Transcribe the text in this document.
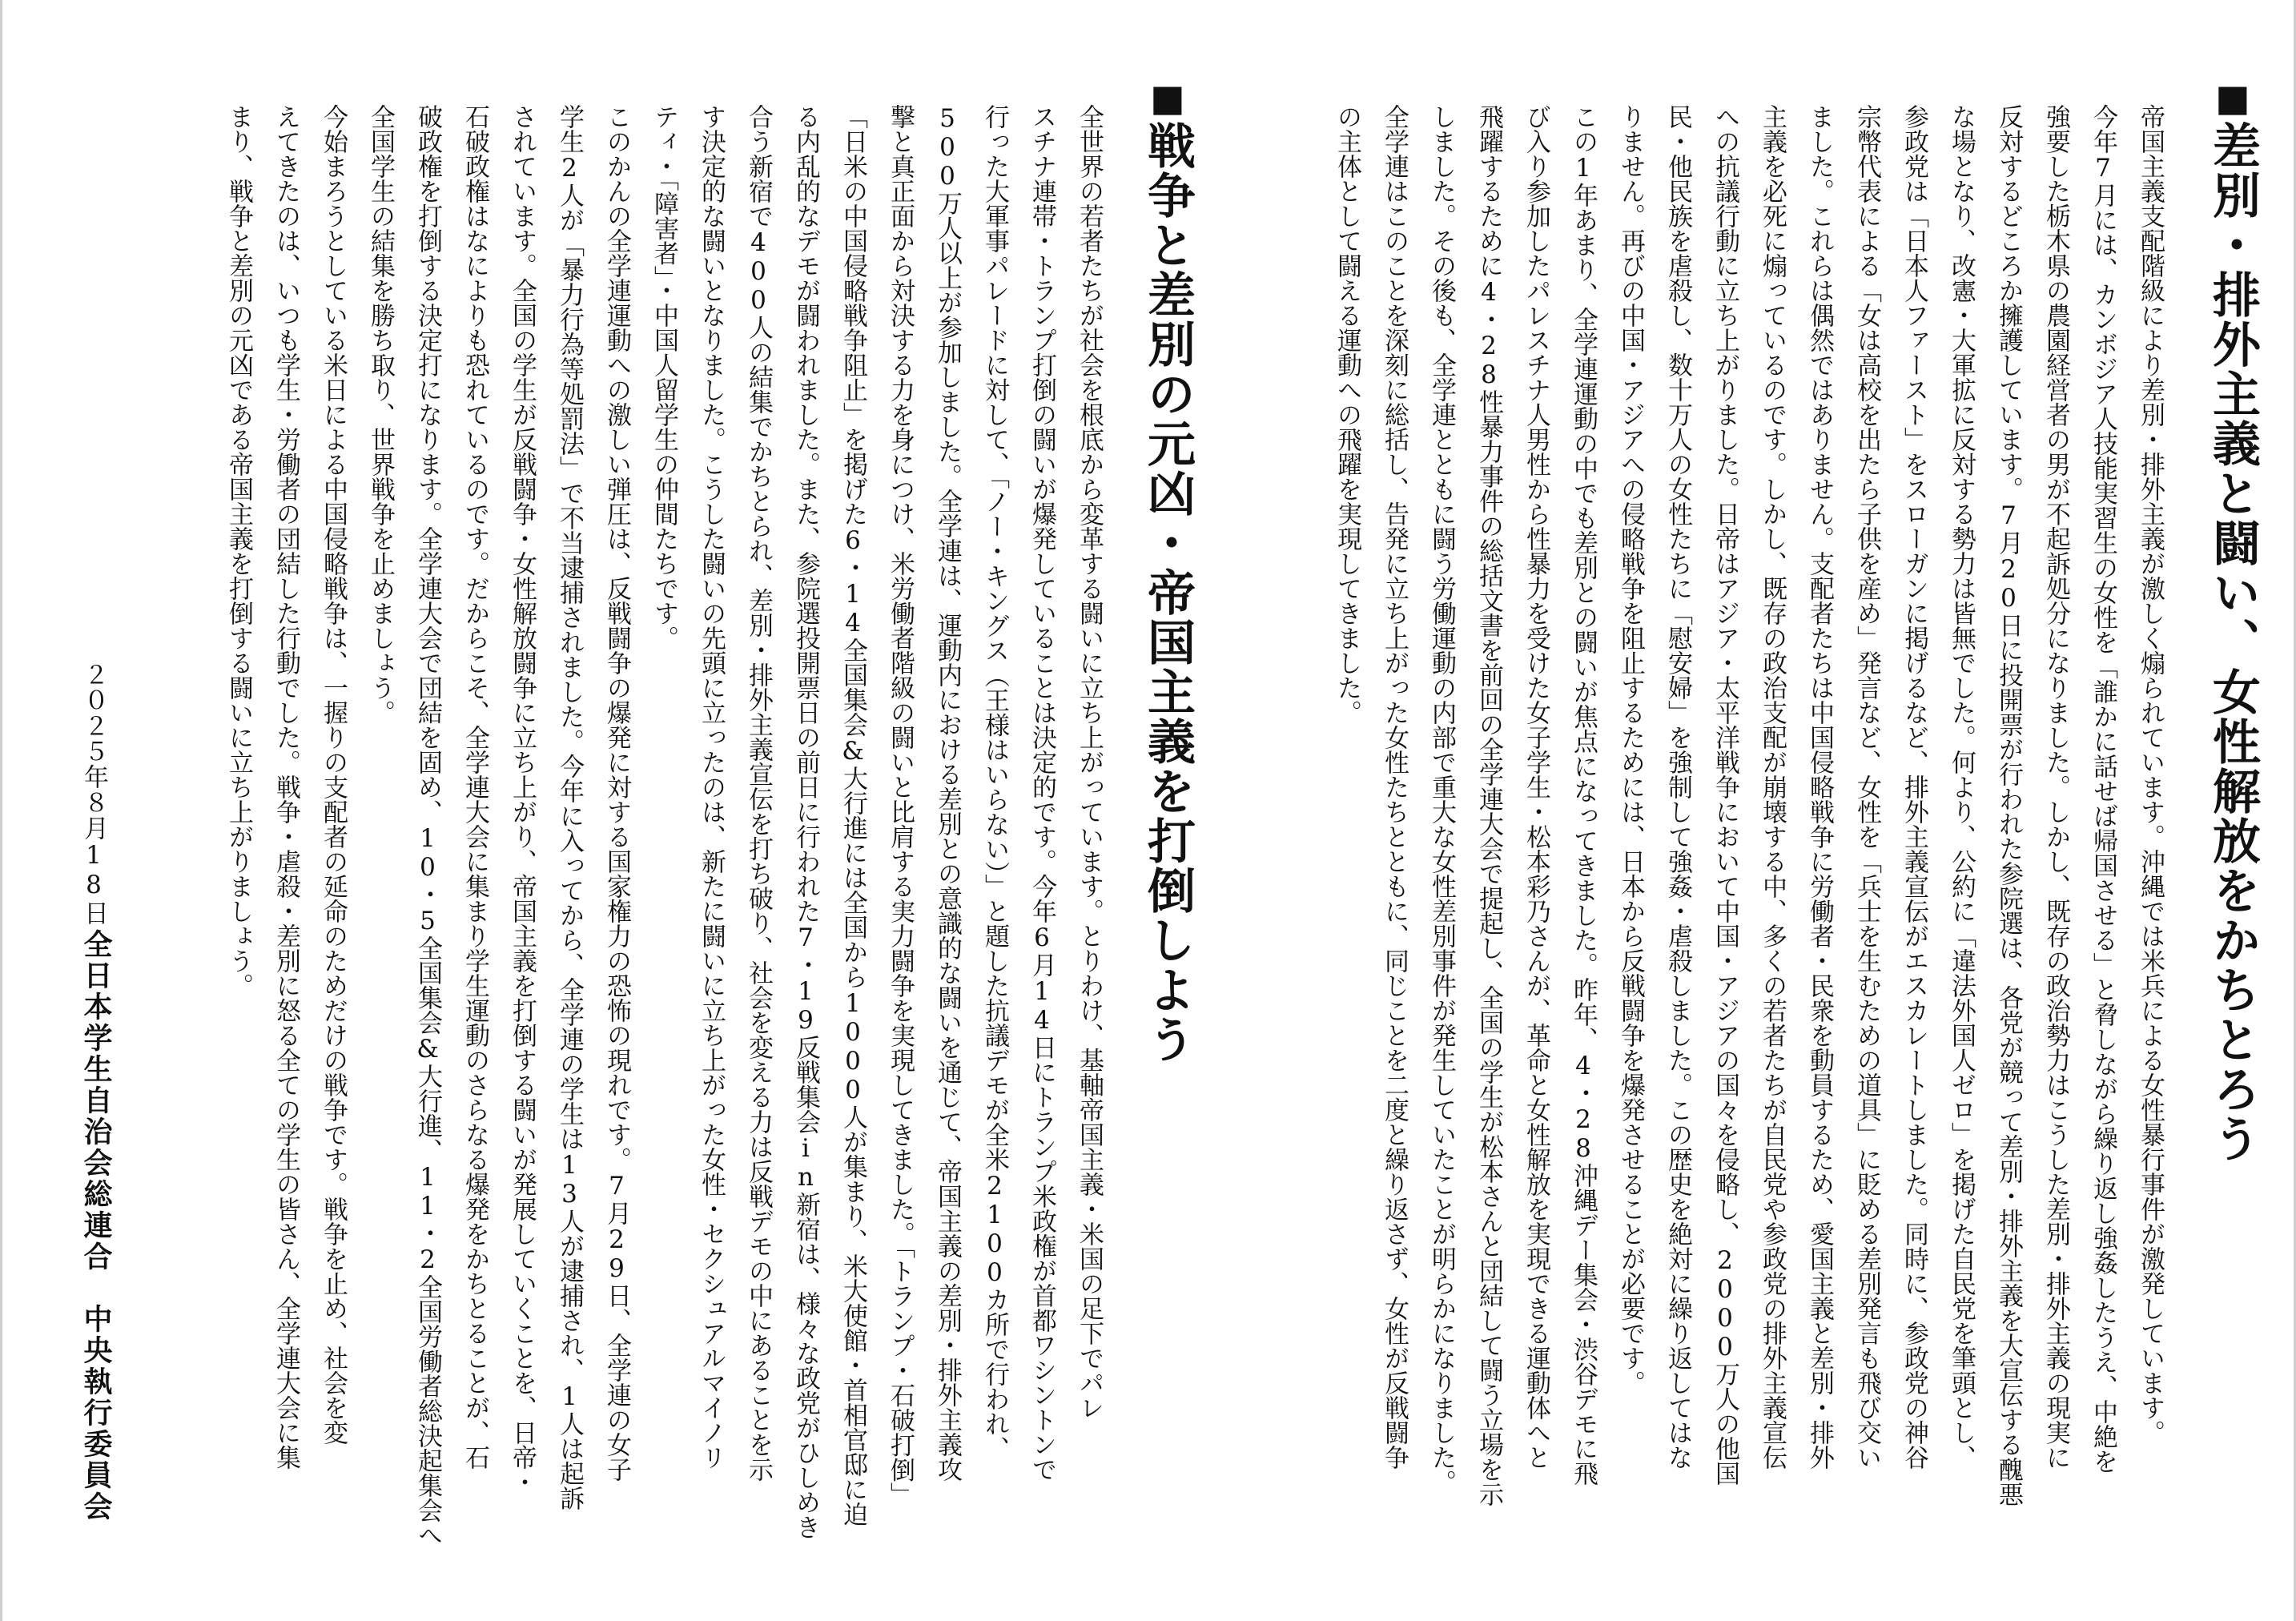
■差別・排外主義と闘い、女性解放をかちとろう

帝国主義支配階級により差別・排外主義が激しく煽られています。沖縄では米兵による女性暴行事件が激発しています。

今年7月には、カンボジア人技能実習生の女性を「誰かに話せば帰国させる」と脅しながら繰り返し強姦したうえ、中絶を

強要した栃木県の農園経営者の男が不起訴処分になりました。しかし、既存の政治勢力はこうした差別・排外主義の現実に

反対するどころか擁護しています。7月20日に投開票が行われた参院選は、各党が競って差別・排外主義を大宣伝する醜悪

な場となり、改憲・大軍拡に反対する勢力は皆無でした。何より、公約に「違法外国人ゼロ」を掲げた自民党を筆頭とし、

参政党は「日本人ファースト」をスローガンに掲げるなど、排外主義宣伝がエスカレートしました。同時に、参政党の神谷

宗幣代表による「女は高校を出たら子供を産め」発言など、女性を「兵士を生むための道具」に貶める差別発言も飛び交い

ました。これらは偶然ではありません。支配者たちは中国侵略戦争に労働者・民衆を動員するため、愛国主義と差別・排外

主義を必死に煽っているのです。しかし、既存の政治支配が崩壊する中、多くの若者たちが自民党や参政党の排外主義宣伝

への抗議行動に立ち上がりました。日帝はアジア・太平洋戦争において中国・アジアの国々を侵略し、2000万人の他国

民・他民族を虐殺し、数十万人の女性たちに「慰安婦」を強制して強姦・虐殺しました。この歴史を絶対に繰り返してはな

りません。再びの中国・アジアへの侵略戦争を阻止するためには、日本から反戦闘争を爆発させることが必要です。

この1年あまり、全学連運動の中でも差別との闘いが焦点になってきました。昨年、4・28沖縄デー集会・渋谷デモに飛

び入り参加したパレスチナ人男性から性暴力を受けた女子学生・松本彩乃さんが、革命と女性解放を実現できる運動体へと

飛躍するために4・28性暴力事件の総括文書を前回の全学連大会で提起し、全国の学生が松本さんと団結して闘う立場を示

しました。その後も、全学連とともに闘う労働運動の内部で重大な女性差別事件が発生していたことが明らかになりました。

全学連はこのことを深刻に総括し、告発に立ち上がった女性たちとともに、同じことを二度と繰り返さず、女性が反戦闘争

の主体として闘える運動への飛躍を実現してきました。

■戦争と差別の元凶・帝国主義を打倒しよう

全世界の若者たちが社会を根底から変革する闘いに立ち上がっています。とりわけ、基軸帝国主義・米国の足下でパレ

スチナ連帯・トランプ打倒の闘いが爆発していることは決定的です。今年6月14日にトランプ米政権が首都ワシントンで

行った大軍事パレードに対して、「ノー・キングス（王様はいらない）」と題した抗議デモが全米2100カ所で行われ、

500万人以上が参加しました。全学連は、運動内における差別との意識的な闘いを通じて、帝国主義の差別・排外主義攻

撃と真正面から対決する力を身につけ、米労働者階級の闘いと比肩する実力闘争を実現してきました。「トランプ・石破打倒」

「日米の中国侵略戦争阻止」を掲げた6・14全国集会&大行進には全国から1000人が集まり、米大使館・首相官邸に迫

る内乱的なデモが闘われました。また、参院選投開票日の前日に行われた7・19反戦集会in新宿は、様々な政党がひしめき

合う新宿で400人の結集でかちとられ、差別・排外主義宣伝を打ち破り、社会を変える力は反戦デモの中にあることを示

す決定的な闘いとなりました。こうした闘いの先頭に立ったのは、新たに闘いに立ち上がった女性・セクシュアルマイノリ

ティ・「障害者」・中国人留学生の仲間たちです。

このかんの全学連運動への激しい弾圧は、反戦闘争の爆発に対する国家権力の恐怖の現れです。7月29日、全学連の女子

学生2人が「暴力行為等処罰法」で不当逮捕されました。今年に入ってから、全学連の学生は13人が逮捕され、1人は起訴

されています。全国の学生が反戦闘争・女性解放闘争に立ち上がり、帝国主義を打倒する闘いが発展していくことを、日帝・

石破政権はなによりも恐れているのです。だからこそ、全学連大会に集まり学生運動のさらなる爆発をかちとることが、石

破政権を打倒する決定打になります。全学連大会で団結を固め、10・5全国集会&大行進、11・2全国労働者総決起集会へ

全国学生の結集を勝ち取り、世界戦争を止めましょう。

今始まろうとしている米日による中国侵略戦争は、一握りの支配者の延命のためだけの戦争です。戦争を止め、社会を変

えてきたのは、いつも学生・労働者の団結した行動でした。戦争・虐殺・差別に怒る全ての学生の皆さん、全学連大会に集

まり、戦争と差別の元凶である帝国主義を打倒する闘いに立ち上がりましょう。

２０２５年８月18日
全日本学生自治会総連合　中央執行委員会
